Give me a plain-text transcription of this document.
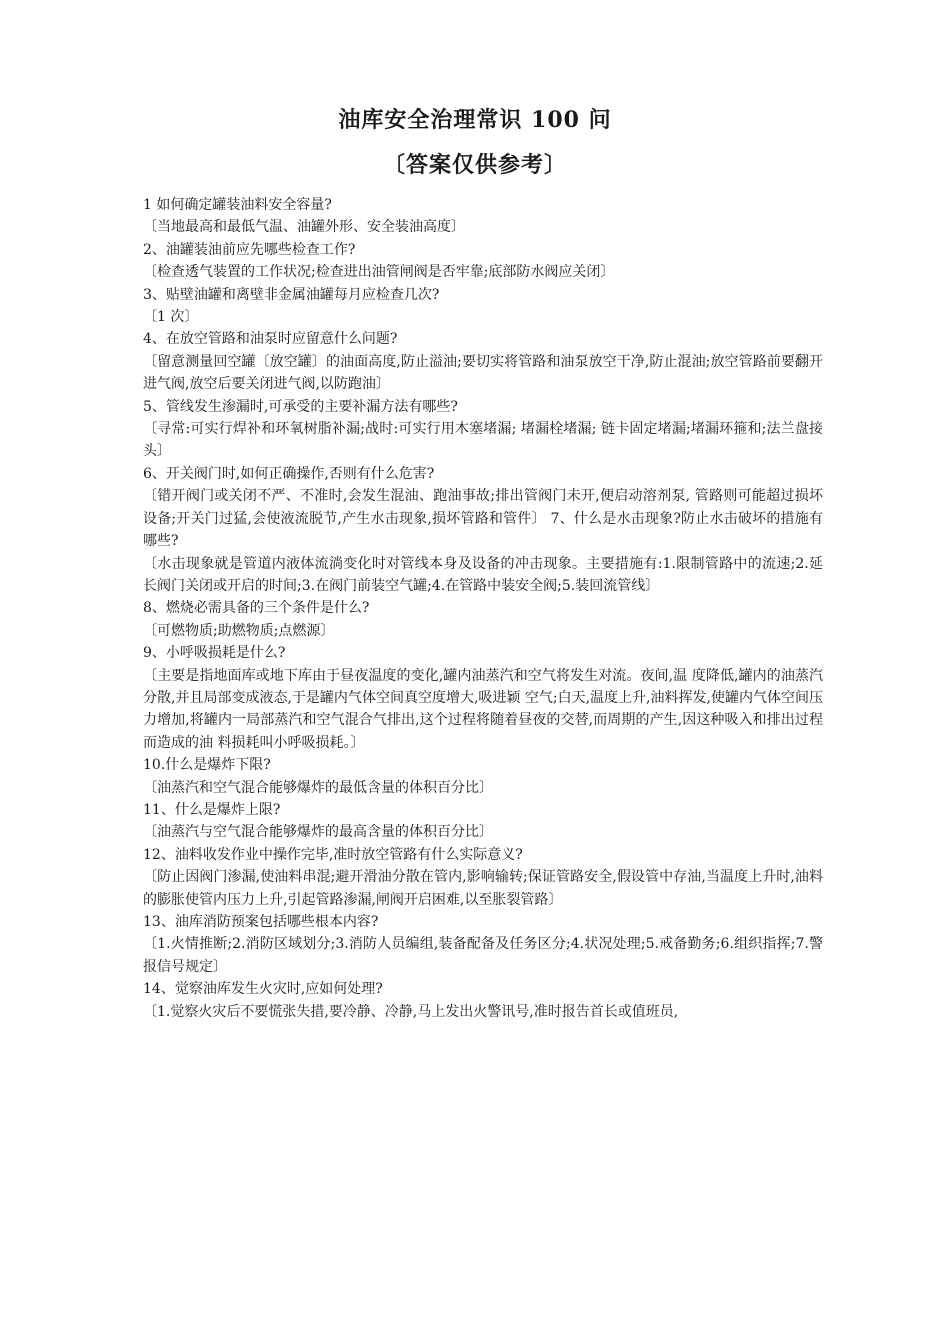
油库安全治理常识 100 问
〔答案仅供参考〕

1 如何确定罐装油料安全容量?

〔当地最高和最低气温、油罐外形、安全装油高度〕

2、油罐装油前应先哪些检查工作?

〔检查透气装置的工作状况;检查进出油管闸阀是否牢靠;底部防水阀应关闭〕

3、贴壁油罐和离壁非金属油罐每月应检查几次?

〔1 次〕

4、在放空管路和油泵时应留意什么问题?

〔留意测量回空罐〔放空罐〕的油面高度,防止溢油;要切实将管路和油泵放空干净,防止混油;放空管路前要翻开进气阀,放空后要关闭进气阀,以防跑油〕

5、管线发生渗漏时,可承受的主要补漏方法有哪些?

〔寻常:可实行焊补和环氧树脂补漏;战时:可实行用木塞堵漏; 堵漏栓堵漏; 链卡固定堵漏;堵漏环箍和;法兰盘接头〕

6、开关阀门时,如何正确操作,否则有什么危害?

〔错开阀门或关闭不严、不准时,会发生混油、跑油事故;排出管阀门未开,便启动溶剂泵, 管路则可能超过损坏设备;开关门过猛,会使液流脱节,产生水击现象,损坏管路和管件〕 7、什么是水击现象?防止水击破坏的措施有哪些?

〔水击现象就是管道内液体流淌变化时对管线本身及设备的冲击现象。主要措施有:1.限制管路中的流速;2.延长阀门关闭或开启的时间;3.在阀门前装空气罐;4.在管路中装安全阀;5.装回流管线〕

8、燃烧必需具备的三个条件是什么?

〔可燃物质;助燃物质;点燃源〕

9、小呼吸损耗是什么?

〔主要是指地面库或地下库由于昼夜温度的变化,罐内油蒸汽和空气将发生对流。夜间,温 度降低,罐内的油蒸汽分散,并且局部变成液态,于是罐内气体空间真空度增大,吸进颖 空气;白天,温度上升,油料挥发,使罐内气体空间压力增加,将罐内一局部蒸汽和空气混合气排出,这个过程将随着昼夜的交替,而周期的产生,因这种吸入和排出过程而造成的油 料损耗叫小呼吸损耗。〕

10.什么是爆炸下限?

〔油蒸汽和空气混合能够爆炸的最低含量的体积百分比〕

11、什么是爆炸上限?

〔油蒸汽与空气混合能够爆炸的最高含量的体积百分比〕

12、油料收发作业中操作完毕,准时放空管路有什么实际意义?

〔防止因阀门渗漏,使油料串混;避开滑油分散在管内,影响输转;保证管路安全,假设管中存油,当温度上升时,油料的膨胀使管内压力上升,引起管路渗漏,闸阀开启困难,以至胀裂管路〕

13、油库消防预案包括哪些根本内容?

〔1.火情推断;2.消防区域划分;3.消防人员编组,装备配备及任务区分;4.状况处理;5.戒备勤务;6.组织指挥;7.警报信号规定〕

14、觉察油库发生火灾时,应如何处理?

〔1.觉察火灾后不要慌张失措,要冷静、冷静,马上发出火警讯号,准时报告首长或值班员,
